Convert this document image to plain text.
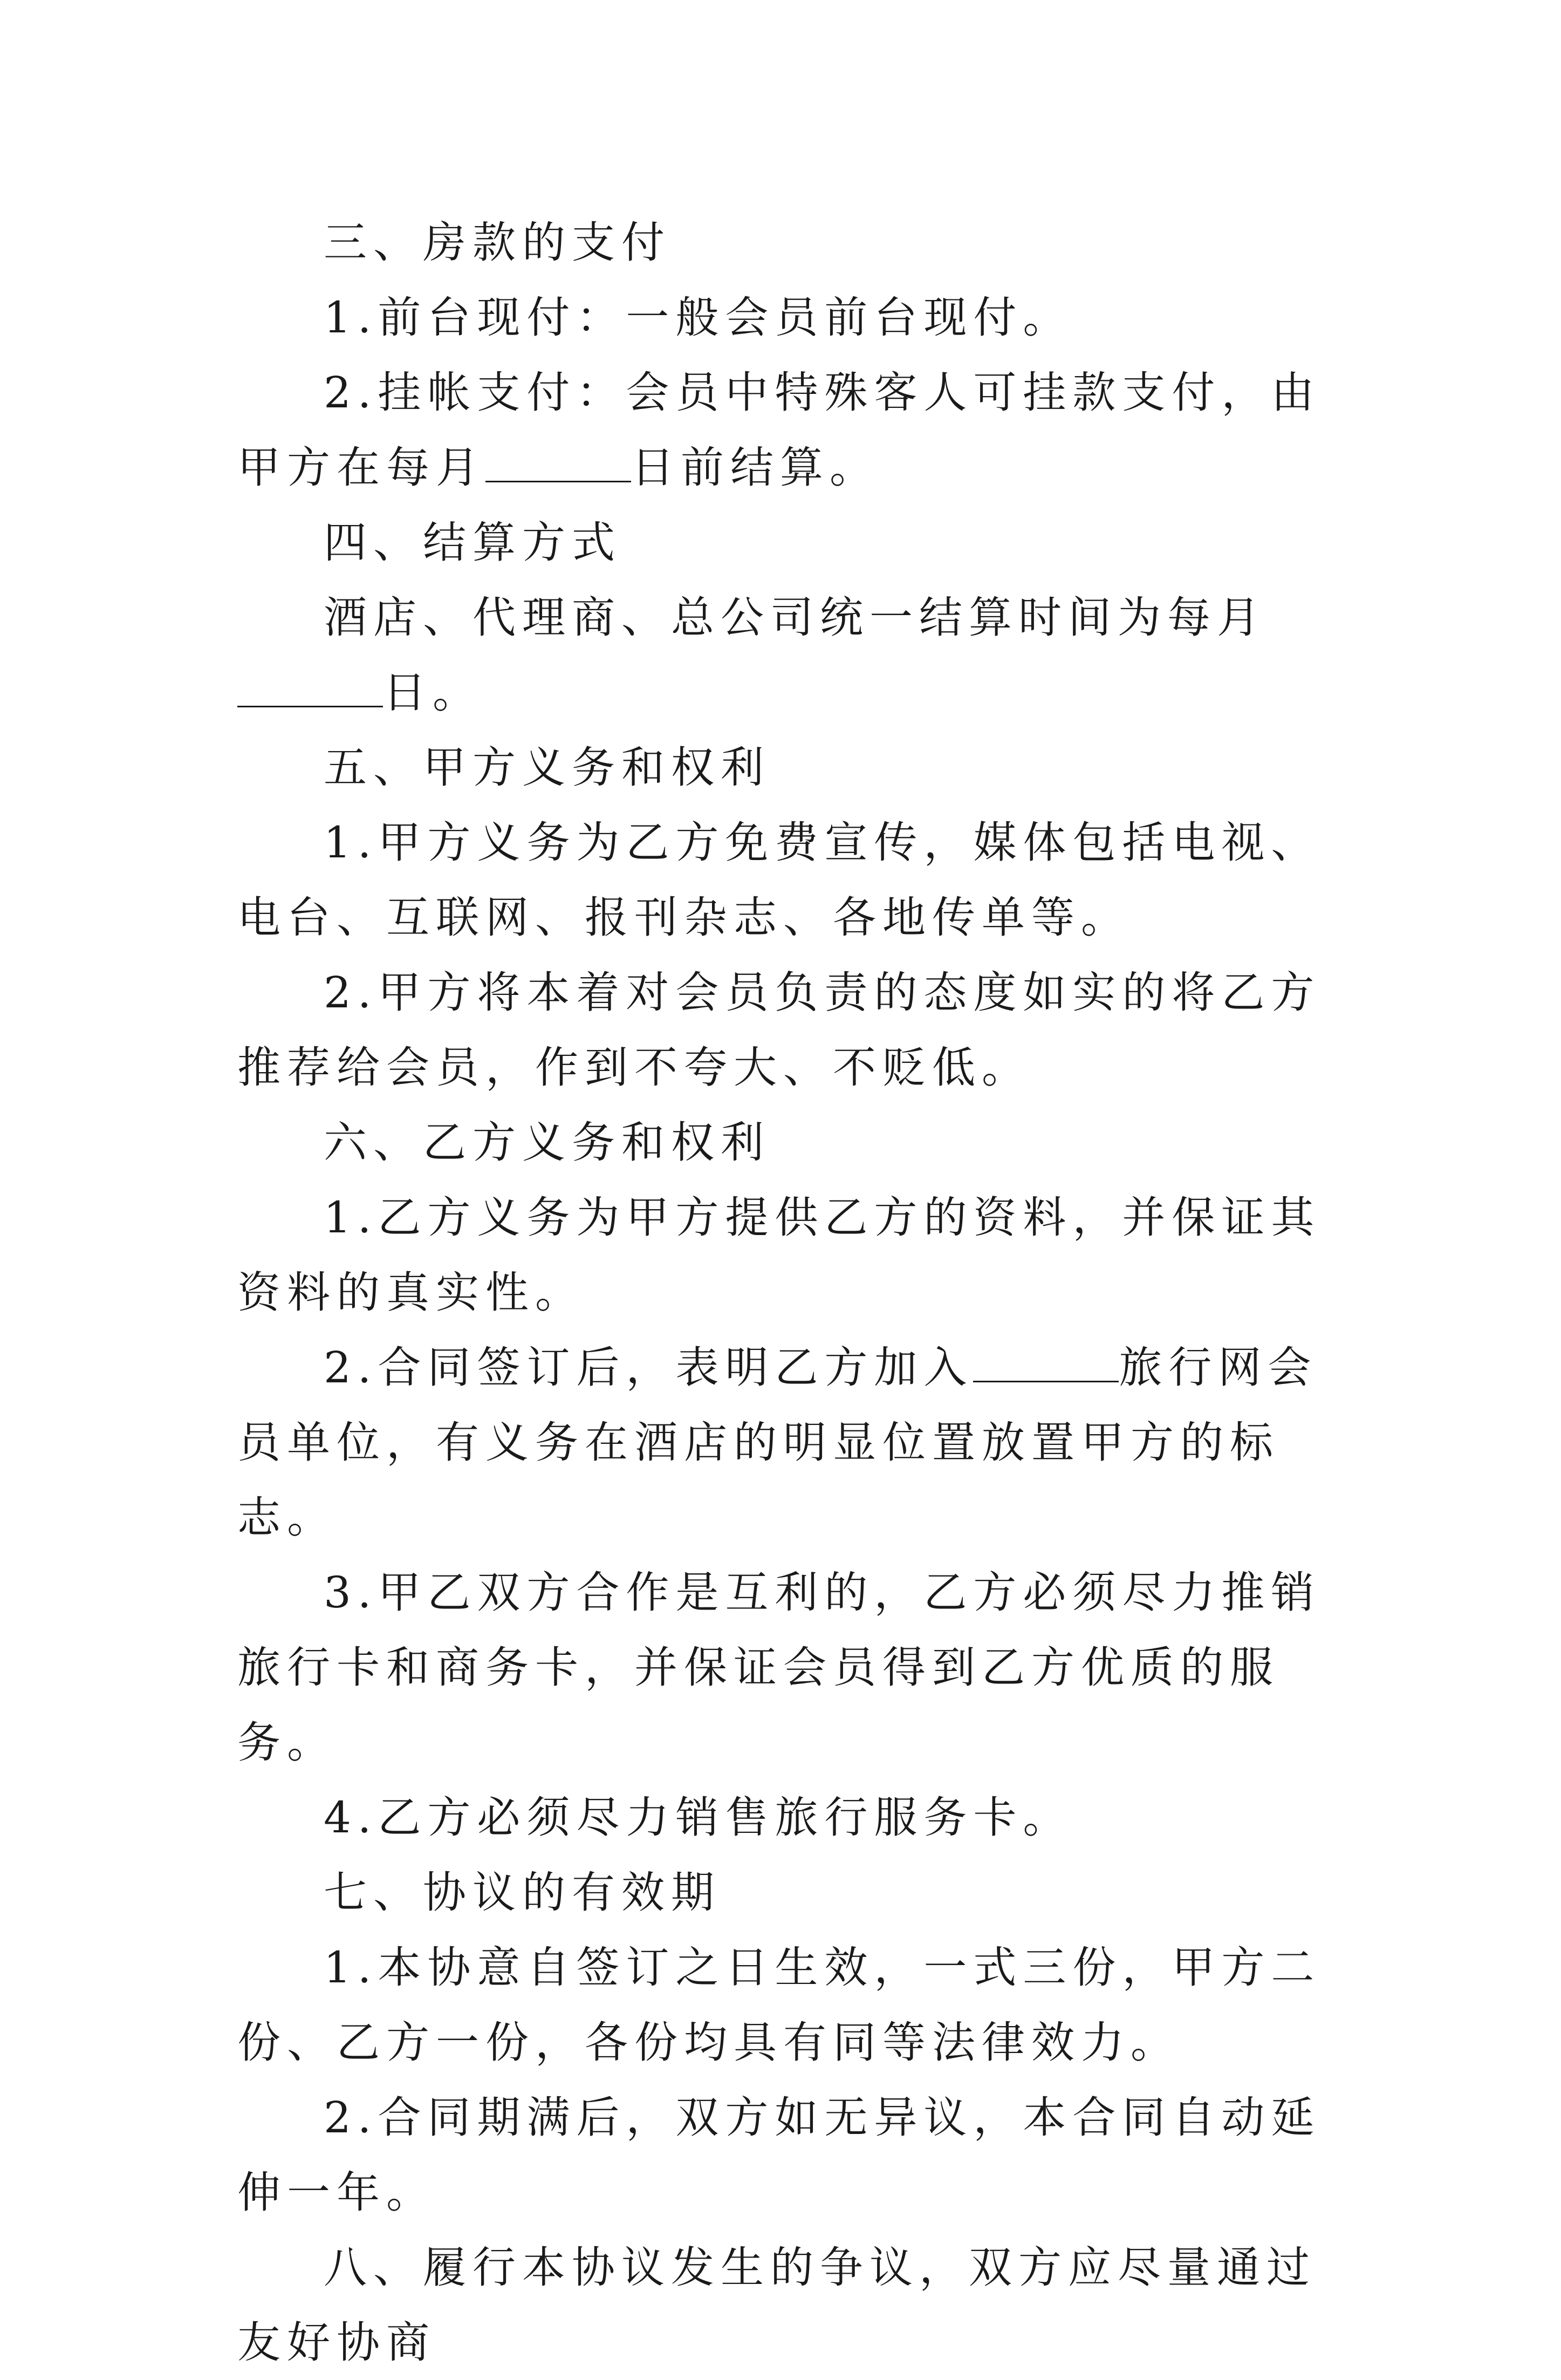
三、房款的支付

1.前台现付：一般会员前台现付。

2.挂帐支付：会员中特殊客人可挂款支付，由甲方在每月	日前结算。

四、结算方式

酒店、代理商、总公司统一结算时间为每月日。

五、甲方义务和权利

1.甲方义务为乙方免费宣传，媒体包括电视、电台、互联网、报刊杂志、各地传单等。

2.甲方将本着对会员负责的态度如实的将乙方推荐给会员，作到不夸大、不贬低。

六、乙方义务和权利

1.乙方义务为甲方提供乙方的资料，并保证其资料的真实性。

2.合同签订后，表明乙方加入	旅行网会员单位，有义务在酒店的明显位置放置甲方的标志。

3.甲乙双方合作是互利的，乙方必须尽力推销旅行卡和商务卡，并保证会员得到乙方优质的服务。

4.乙方必须尽力销售旅行服务卡。

七、协议的有效期

1.本协意自签订之日生效，一式三份，甲方二份、乙方一份，各份均具有同等法律效力。

2.合同期满后，双方如无异议，本合同自动延伸一年。

八、履行本协议发生的争议，双方应尽量通过友好协商
